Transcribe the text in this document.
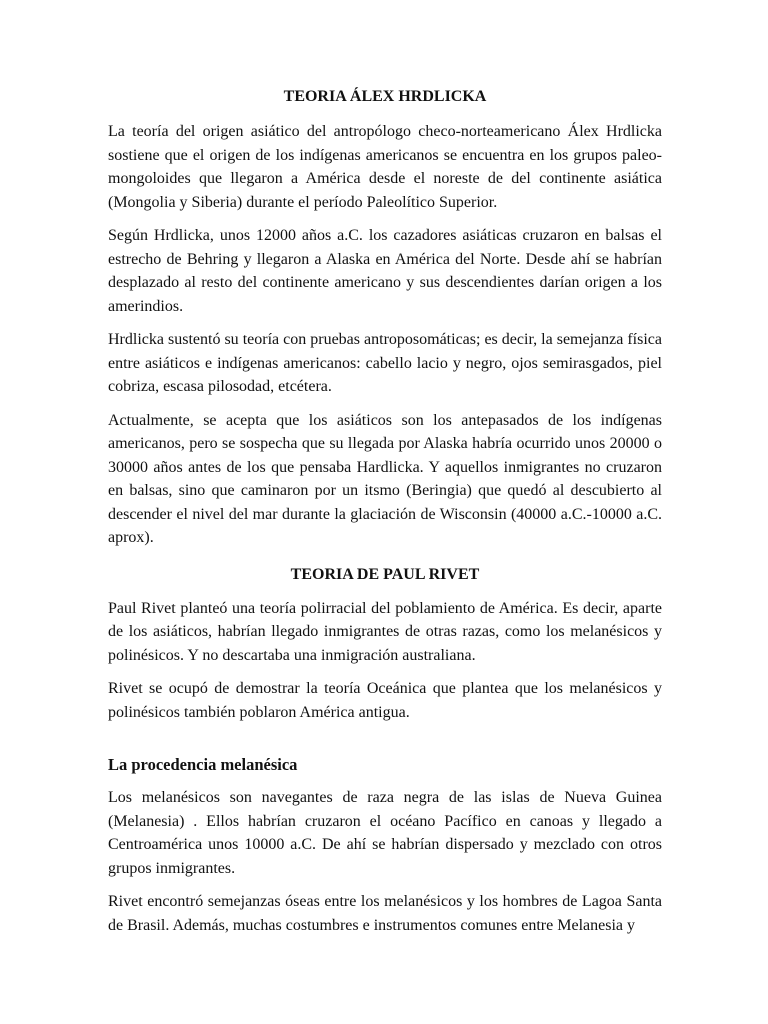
TEORIA ÁLEX HRDLICKA

La teoría del origen asiático del antropólogo checo-norteamericano Álex Hrdlicka sostiene que el origen de los indígenas americanos se encuentra en los grupos paleo-mongoloides que llegaron a América desde el noreste de del continente asiática (Mongolia y Siberia) durante el período Paleolítico Superior.

Según Hrdlicka, unos 12000 años a.C. los cazadores asiáticas cruzaron en balsas el estrecho de Behring y llegaron a Alaska en América del Norte. Desde ahí se habrían desplazado al resto del continente americano y sus descendientes darían origen a los amerindios.

Hrdlicka sustentó su teoría con pruebas antroposomáticas; es decir, la semejanza física entre asiáticos e indígenas americanos: cabello lacio y negro, ojos semirasgados, piel cobriza, escasa pilosodad, etcétera.

Actualmente, se acepta que los asiáticos son los antepasados de los indígenas americanos, pero se sospecha que su llegada por Alaska habría ocurrido unos 20000 o 30000 años antes de los que pensaba Hardlicka. Y aquellos inmigrantes no cruzaron en balsas, sino que caminaron por un itsmo (Beringia) que quedó al descubierto al descender el nivel del mar durante la glaciación de Wisconsin (40000 a.C.-10000 a.C. aprox).

TEORIA DE PAUL RIVET

Paul Rivet planteó una teoría polirracial del poblamiento de América. Es decir, aparte de los asiáticos, habrían llegado inmigrantes de otras razas, como los melanésicos y polinésicos. Y no descartaba una inmigración australiana.

Rivet se ocupó de demostrar la teoría Oceánica que plantea que los melanésicos y polinésicos también poblaron América antigua.

La procedencia melanésica

Los melanésicos son navegantes de raza negra de las islas de Nueva Guinea (Melanesia) . Ellos habrían cruzaron el océano Pacífico en canoas y llegado a Centroamérica unos 10000 a.C. De ahí se habrían dispersado y mezclado con otros grupos inmigrantes.

Rivet encontró semejanzas óseas entre los melanésicos y los hombres de Lagoa Santa de Brasil. Además, muchas costumbres e instrumentos comunes entre Melanesia y
